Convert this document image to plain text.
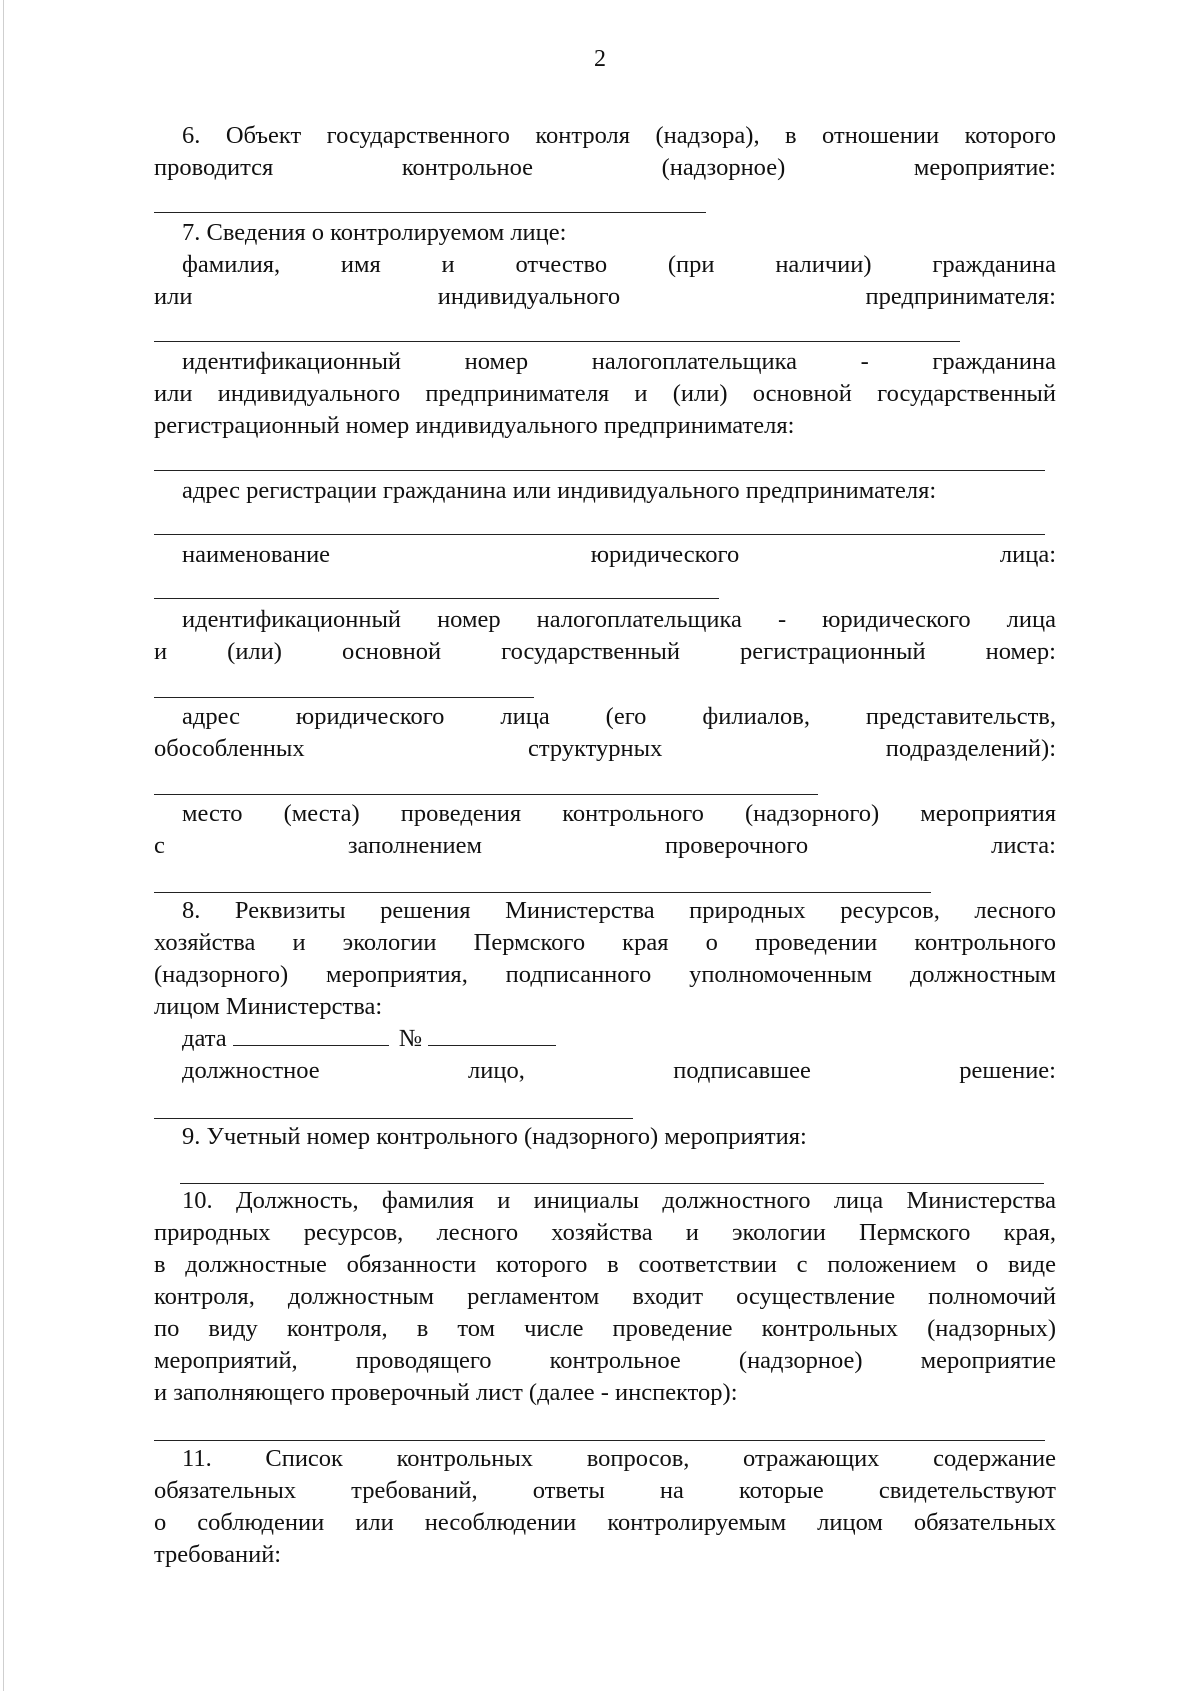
2
6. Объект государственного контроля (надзора), в отношении которого
проводится контрольное (надзорное) мероприятие:
7. Сведения о контролируемом лице:
фамилия, имя и отчество (при наличии) гражданина
или индивидуального предпринимателя:
идентификационный номер налогоплательщика - гражданина
или индивидуального предпринимателя и (или) основной государственный
регистрационный номер индивидуального предпринимателя:
адрес регистрации гражданина или индивидуального предпринимателя:
наименование юридического лица:
идентификационный номер налогоплательщика - юридического лица
и (или) основной государственный регистрационный номер:
адрес юридического лица (его филиалов, представительств,
обособленных структурных подразделений):
место (места) проведения контрольного (надзорного) мероприятия
с заполнением проверочного листа:
8. Реквизиты решения Министерства природных ресурсов, лесного
хозяйства и экологии Пермского края о проведении контрольного
(надзорного) мероприятия, подписанного уполномоченным должностным
лицом Министерства:
дата	№
должностное лицо, подписавшее решение:
9. Учетный номер контрольного (надзорного) мероприятия:
10. Должность, фамилия и инициалы должностного лица Министерства
природных ресурсов, лесного хозяйства и экологии Пермского края,
в должностные обязанности которого в соответствии с положением о виде
контроля, должностным регламентом входит осуществление полномочий
по виду контроля, в том числе проведение контрольных (надзорных)
мероприятий, проводящего контрольное (надзорное) мероприятие
и заполняющего проверочный лист (далее - инспектор):
11. Список контрольных вопросов, отражающих содержание
обязательных требований, ответы на которые свидетельствуют
о соблюдении или несоблюдении контролируемым лицом обязательных
требований:
